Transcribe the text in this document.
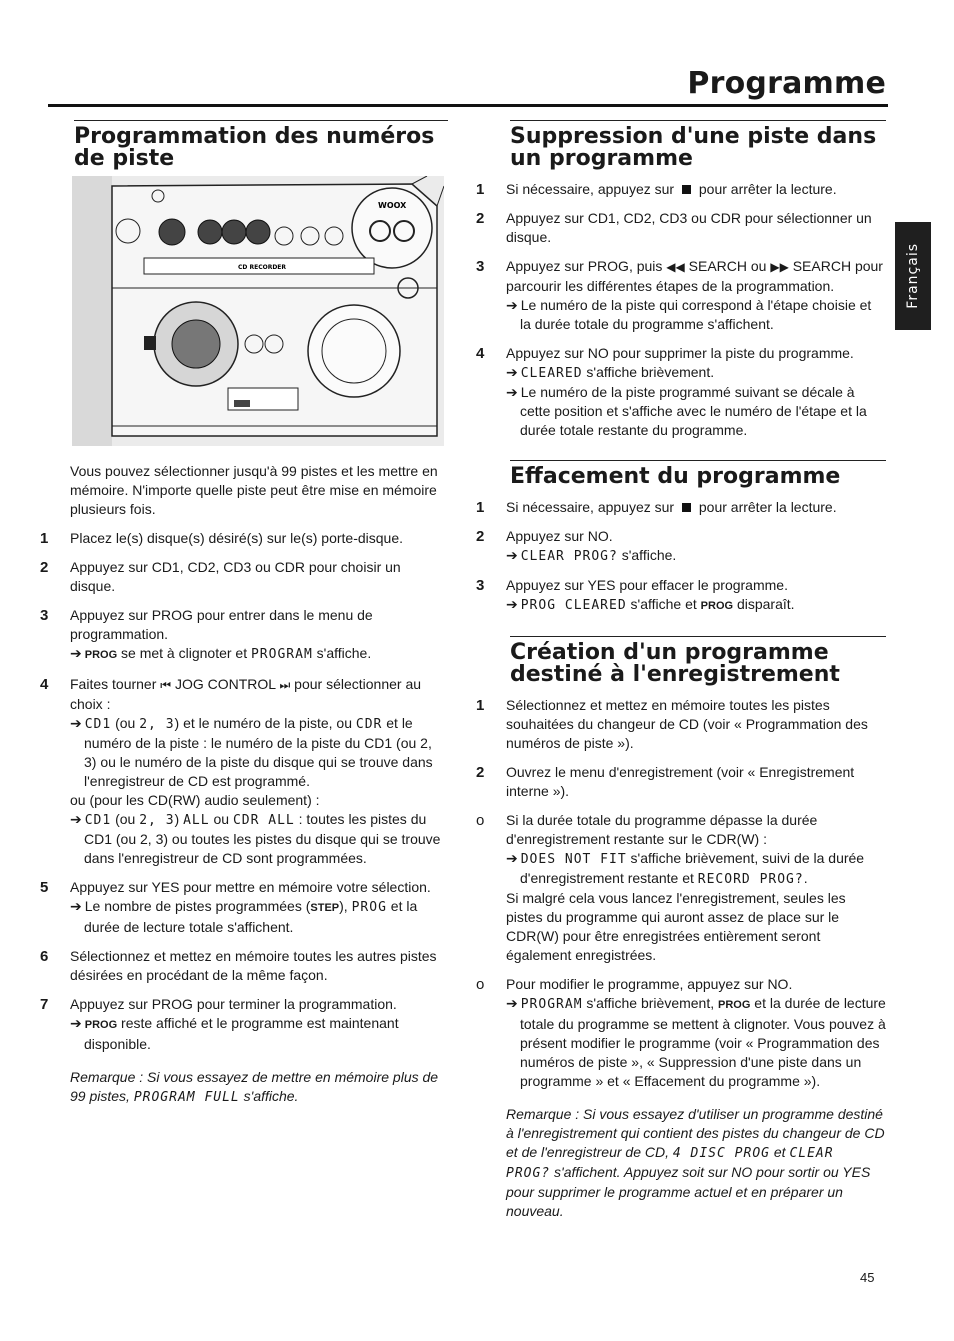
Programme
Français
Programmation des numéros de piste
WOOX
CD RECORDER

Vous pouvez sélectionner jusqu'à 99 pistes et les mettre en mémoire. N'importe quelle piste peut être mise en mémoire plusieurs fois.

1	Placez le(s) disque(s) désiré(s) sur le(s) porte-disque.

2	Appuyez sur CD1, CD2, CD3 ou CDR pour choisir un disque.

3	Appuyez sur PROG pour entrer dans le menu de programmation.

➔ PROG se met à clignoter et PROGRAM s'affiche.

4	Faites tourner ⏮ JOG CONTROL ⏭ pour sélectionner au choix :

➔ CD1 (ou 2, 3) et le numéro de la piste, ou CDR et le numéro de la piste : le numéro de la piste du CD1 (ou 2, 3) ou le numéro de la piste du disque qui se trouve dans l'enregistreur de CD est programmé.

ou (pour les CD(RW) audio seulement) :

➔ CD1 (ou 2, 3) ALL ou CDR ALL : toutes les pistes du CD1 (ou 2, 3) ou toutes les pistes du disque qui se trouve dans l'enregistreur de CD sont programmées.

5	Appuyez sur YES pour mettre en mémoire votre sélection.

➔ Le nombre de pistes programmées (STEP), PROG et la durée de lecture totale s'affichent.

6	Sélectionnez et mettez en mémoire toutes les autres pistes désirées en procédant de la même façon.

7	Appuyez sur PROG pour terminer la programmation.

➔ PROG reste affiché et le programme est maintenant disponible.

Remarque : Si vous essayez de mettre en mémoire plus de 99 pistes, PROGRAM FULL s'affiche.

Suppression d'une piste dans un programme
1	Si nécessaire, appuyez sur  pour arrêter la lecture.

2	Appuyez sur CD1, CD2, CD3 ou CDR pour sélectionner un disque.

3	Appuyez sur PROG, puis ◀◀ SEARCH ou ▶▶ SEARCH pour parcourir les différentes étapes de la programmation.

➔ Le numéro de la piste qui correspond à l'étape choisie et la durée totale du programme s'affichent.

4	Appuyez sur NO pour supprimer la piste du programme.

➔ CLEARED s'affiche brièvement.

➔ Le numéro de la piste programmé suivant se décale à cette position et s'affiche avec le numéro de l'étape et la durée totale restante du programme.

Effacement du programme
1	Si nécessaire, appuyez sur  pour arrêter la lecture.

2	Appuyez sur NO.

➔ CLEAR PROG? s'affiche.

3	Appuyez sur YES pour effacer le programme.

➔ PROG CLEARED s'affiche et PROG disparaît.

Création d'un programme destiné à l'enregistrement
1	Sélectionnez et mettez en mémoire toutes les pistes souhaitées du changeur de CD (voir « Programmation des numéros de piste »).

2	Ouvrez le menu d'enregistrement (voir « Enregistrement interne »).

o	Si la durée totale du programme dépasse la durée d'enregistrement restante sur le CDR(W) :

➔ DOES NOT FIT s'affiche brièvement, suivi de la durée d'enregistrement restante et RECORD PROG?.

Si malgré cela vous lancez l'enregistrement, seules les pistes du programme qui auront assez de place sur le CDR(W) pour être enregistrées entièrement seront également enregistrées.

o	Pour modifier le programme, appuyez sur NO.

➔ PROGRAM s'affiche brièvement, PROG et la durée de lecture totale du programme se mettent à clignoter. Vous pouvez à présent modifier le programme (voir « Programmation des numéros de piste », « Suppression d'une piste dans un programme » et « Effacement du programme »).

Remarque : Si vous essayez d'utiliser un programme destiné à l'enregistrement qui contient des pistes du changeur de CD et de l'enregistreur de CD, 4 DISC PROG et CLEAR PROG? s'affichent. Appuyez soit sur NO pour sortir ou YES pour supprimer le programme actuel et en préparer un nouveau.

45
